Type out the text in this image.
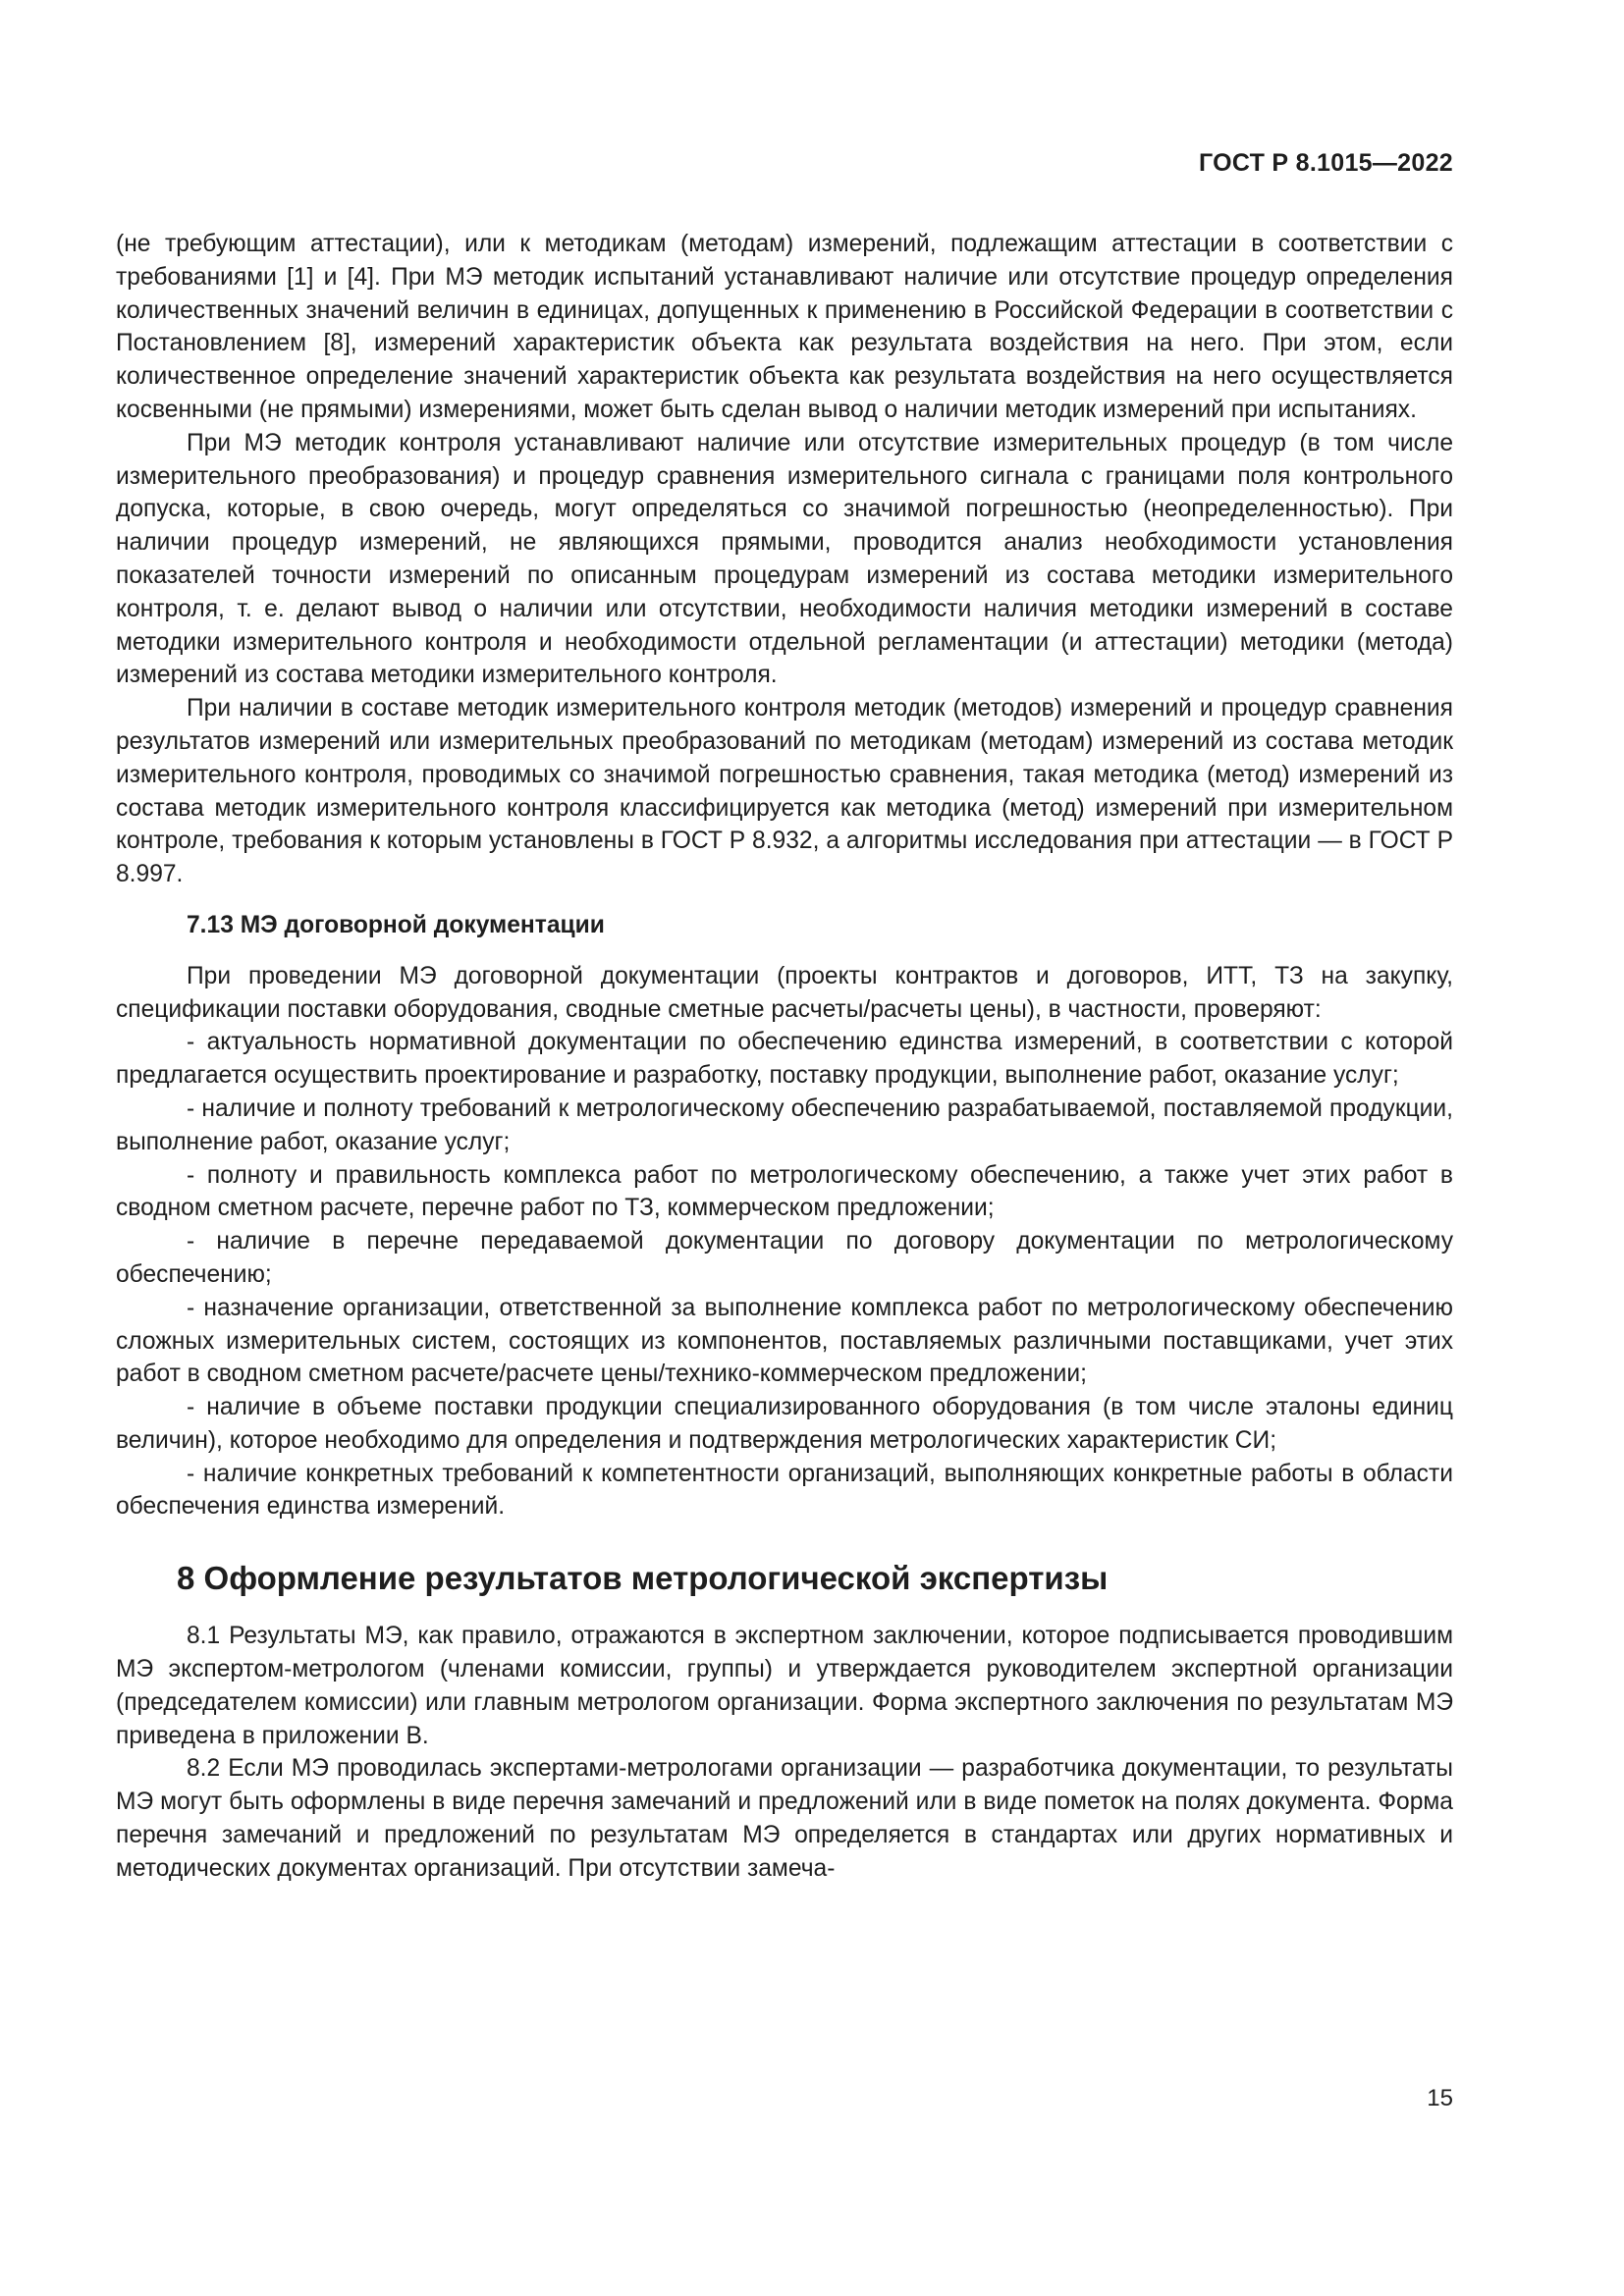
ГОСТ Р 8.1015—2022

(не требующим аттестации), или к методикам (методам) измерений, подлежащим аттестации в соответствии с требованиями [1] и [4]. При МЭ методик испытаний устанавливают наличие или отсутствие процедур определения количественных значений величин в единицах, допущенных к применению в Российской Федерации в соответствии с Постановлением [8], измерений характеристик объекта как результата воздействия на него. При этом, если количественное определение значений характеристик объекта как результата воздействия на него осуществляется косвенными (не прямыми) измерениями, может быть сделан вывод о наличии методик измерений при испытаниях.

При МЭ методик контроля устанавливают наличие или отсутствие измерительных процедур (в том числе измерительного преобразования) и процедур сравнения измерительного сигнала с границами поля контрольного допуска, которые, в свою очередь, могут определяться со значимой погрешностью (неопределенностью). При наличии процедур измерений, не являющихся прямыми, проводится анализ необходимости установления показателей точности измерений по описанным процедурам измерений из состава методики измерительного контроля, т. е. делают вывод о наличии или отсутствии, необходимости наличия методики измерений в составе методики измерительного контроля и необходимости отдельной регламентации (и аттестации) методики (метода) измерений из состава методики измерительного контроля.

При наличии в составе методик измерительного контроля методик (методов) измерений и процедур сравнения результатов измерений или измерительных преобразований по методикам (методам) измерений из состава методик измерительного контроля, проводимых со значимой погрешностью сравнения, такая методика (метод) измерений из состава методик измерительного контроля классифицируется как методика (метод) измерений при измерительном контроле, требования к которым установлены в ГОСТ Р 8.932, а алгоритмы исследования при аттестации — в ГОСТ Р 8.997.

7.13 МЭ договорной документации

При проведении МЭ договорной документации (проекты контрактов и договоров, ИТТ, ТЗ на закупку, спецификации поставки оборудования, сводные сметные расчеты/расчеты цены), в частности, проверяют:

- актуальность нормативной документации по обеспечению единства измерений, в соответствии с которой предлагается осуществить проектирование и разработку, поставку продукции, выполнение работ, оказание услуг;

- наличие и полноту требований к метрологическому обеспечению разрабатываемой, поставляемой продукции, выполнение работ, оказание услуг;

- полноту и правильность комплекса работ по метрологическому обеспечению, а также учет этих работ в сводном сметном расчете, перечне работ по ТЗ, коммерческом предложении;

- наличие в перечне передаваемой документации по договору документации по метрологическому обеспечению;

- назначение организации, ответственной за выполнение комплекса работ по метрологическому обеспечению сложных измерительных систем, состоящих из компонентов, поставляемых различными поставщиками, учет этих работ в сводном сметном расчете/расчете цены/технико-коммерческом предложении;

- наличие в объеме поставки продукции специализированного оборудования (в том числе эталоны единиц величин), которое необходимо для определения и подтверждения метрологических характеристик СИ;

- наличие конкретных требований к компетентности организаций, выполняющих конкретные работы в области обеспечения единства измерений.

8 Оформление результатов метрологической экспертизы

8.1 Результаты МЭ, как правило, отражаются в экспертном заключении, которое подписывается проводившим МЭ экспертом-метрологом (членами комиссии, группы) и утверждается руководителем экспертной организации (председателем комиссии) или главным метрологом организации. Форма экспертного заключения по результатам МЭ приведена в приложении В.

8.2 Если МЭ проводилась экспертами-метрологами организации — разработчика документации, то результаты МЭ могут быть оформлены в виде перечня замечаний и предложений или в виде пометок на полях документа. Форма перечня замечаний и предложений по результатам МЭ определяется в стандартах или других нормативных и методических документах организаций. При отсутствии замеча-

15
